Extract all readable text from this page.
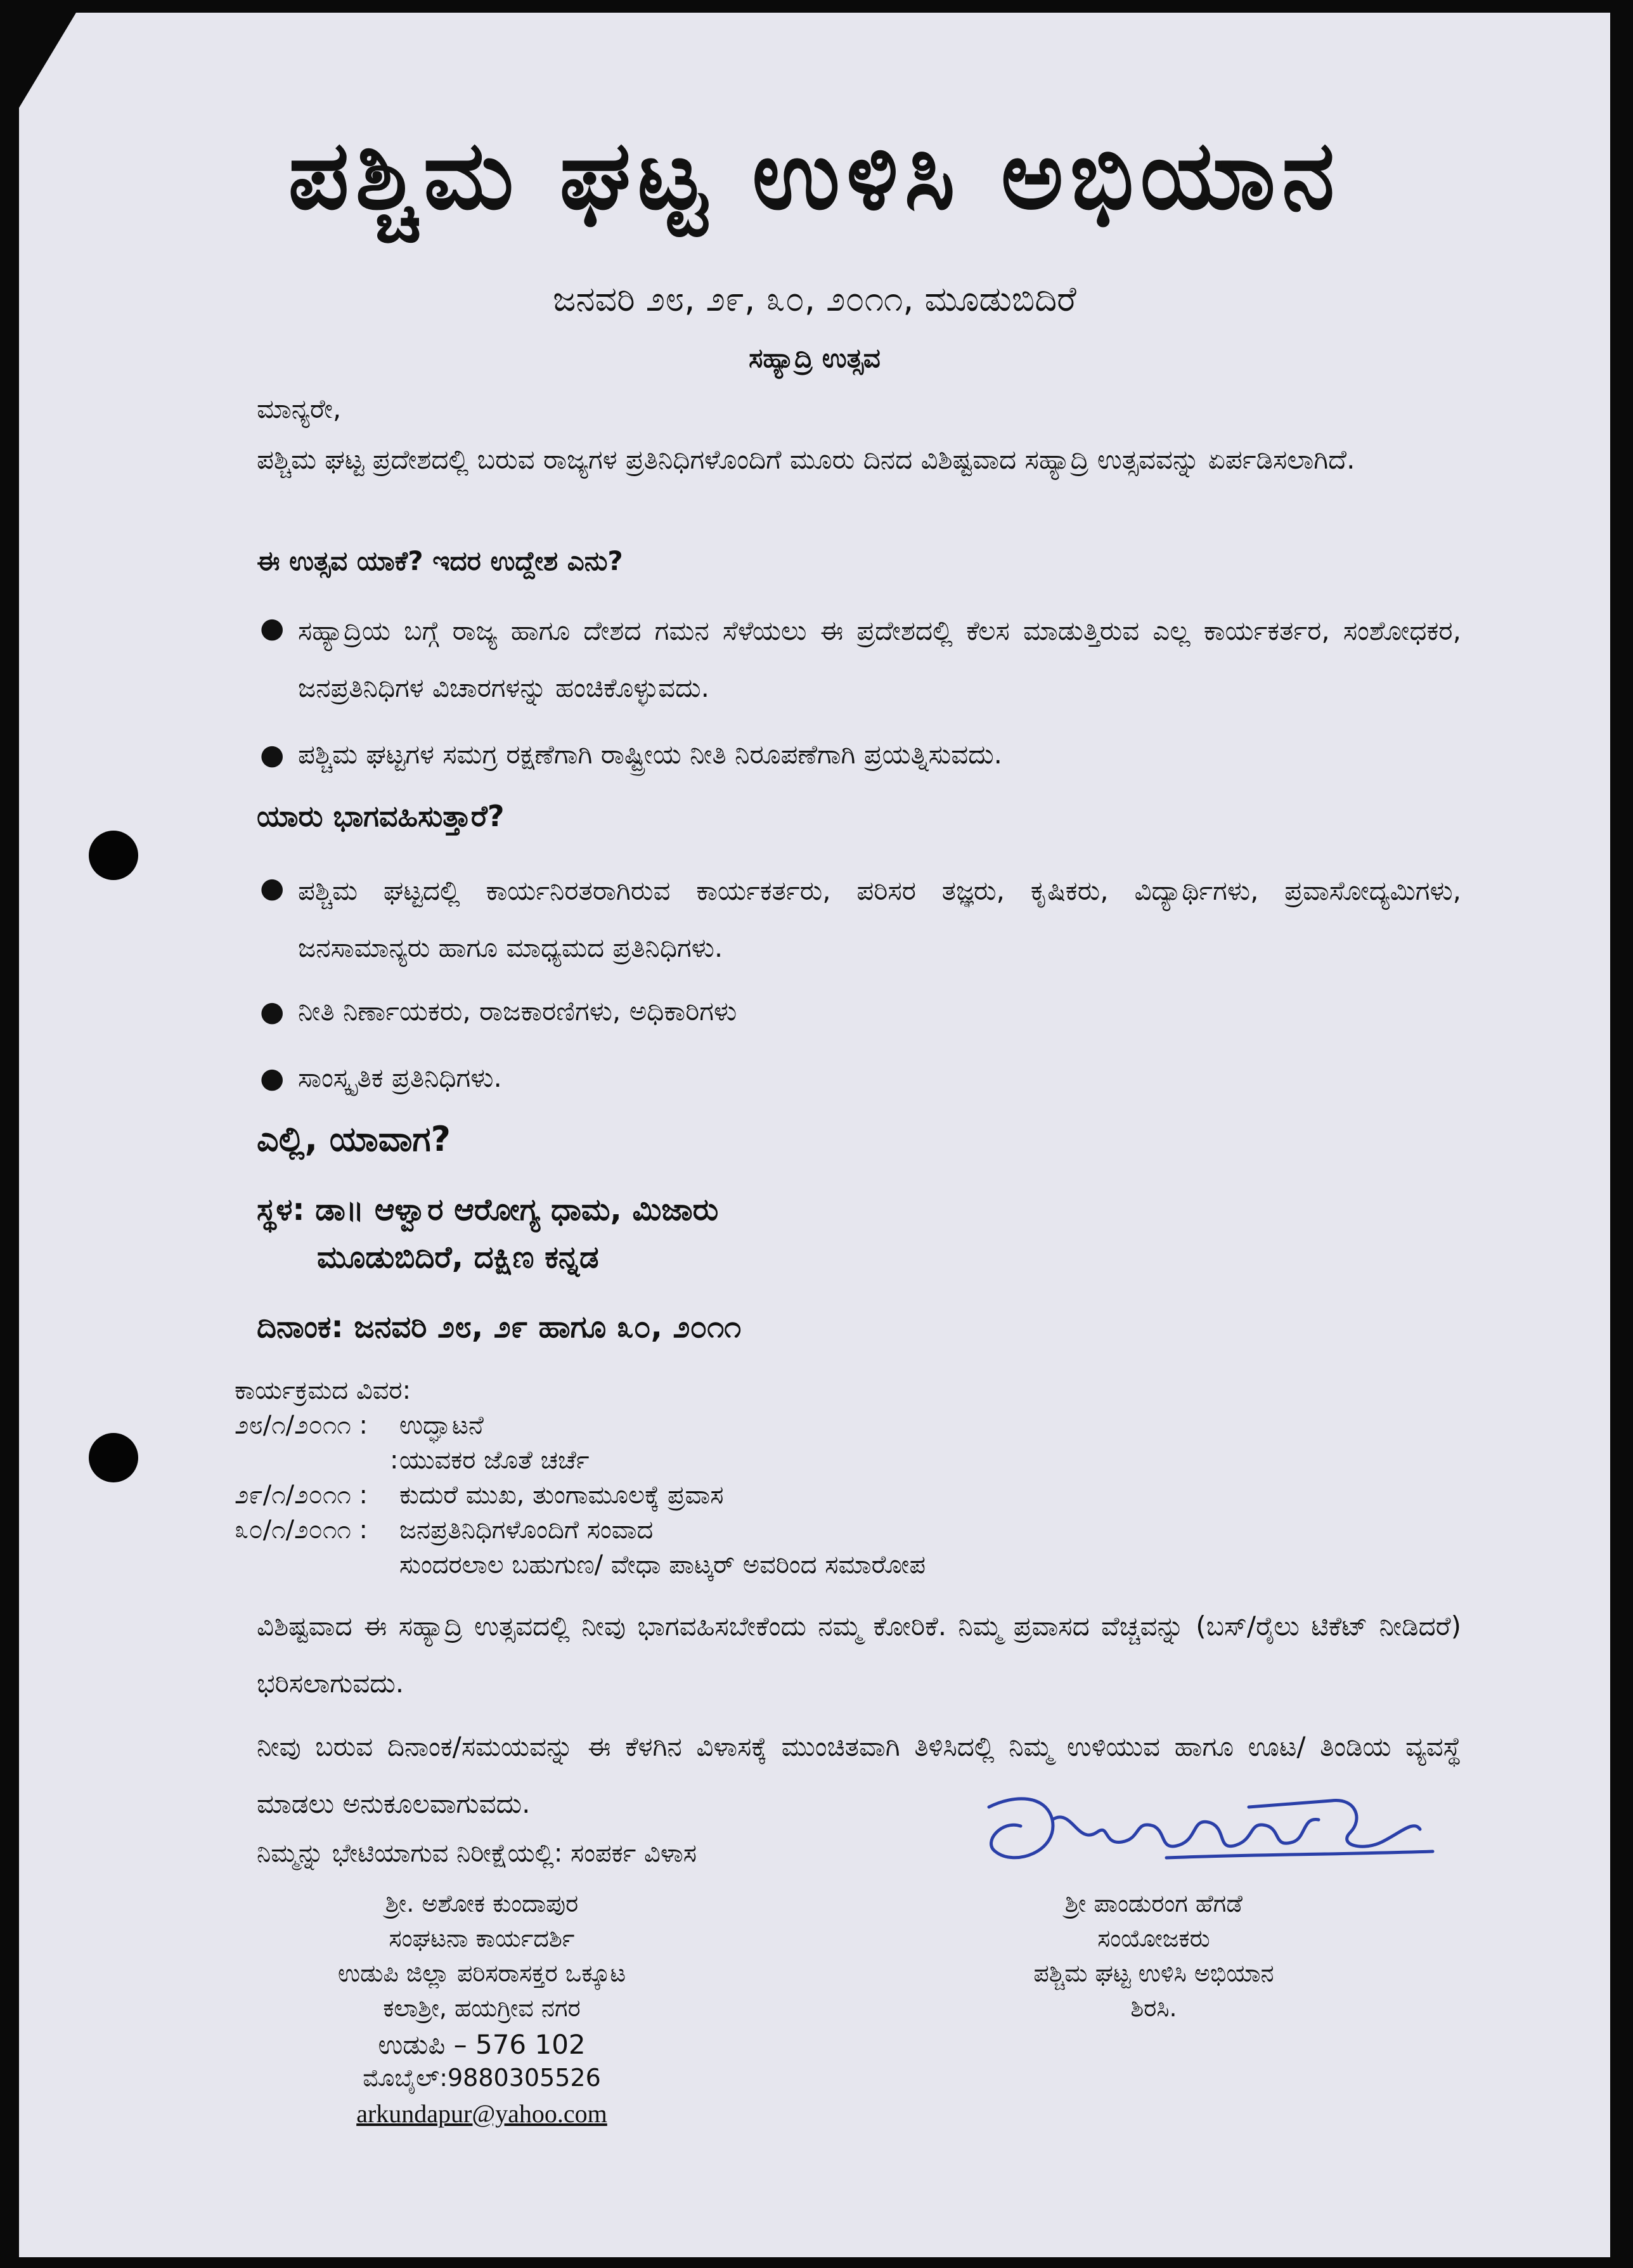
ಪಶ್ಚಿಮ ಘಟ್ಟ ಉಳಿಸಿ ಅಭಿಯಾನ
ಜನವರಿ ೨೮, ೨೯, ೩೦, ೨೦೧೧, ಮೂಡುಬಿದಿರೆ
ಸಹ್ಯಾದ್ರಿ ಉತ್ಸವ
ಮಾನ್ಯರೇ,
ಪಶ್ಚಿಮ ಘಟ್ಟ ಪ್ರದೇಶದಲ್ಲಿ ಬರುವ ರಾಜ್ಯಗಳ ಪ್ರತಿನಿಧಿಗಳೊಂದಿಗೆ ಮೂರು ದಿನದ ವಿಶಿಷ್ಟವಾದ ಸಹ್ಯಾದ್ರಿ ಉತ್ಸವವನ್ನು ಏರ್ಪಡಿಸಲಾಗಿದೆ.
ಈ ಉತ್ಸವ ಯಾಕೆ? ಇದರ ಉದ್ದೇಶ ಎನು?
● ಸಹ್ಯಾದ್ರಿಯ ಬಗ್ಗೆ ರಾಜ್ಯ ಹಾಗೂ ದೇಶದ ಗಮನ ಸೆಳೆಯಲು ಈ ಪ್ರದೇಶದಲ್ಲಿ ಕೆಲಸ ಮಾಡುತ್ತಿರುವ ಎಲ್ಲ ಕಾರ್ಯಕರ್ತರ, ಸಂಶೋಧಕರ, ಜನಪ್ರತಿನಿಧಿಗಳ ವಿಚಾರಗಳನ್ನು ಹಂಚಿಕೊಳ್ಳುವದು.
● ಪಶ್ಚಿಮ ಘಟ್ಟಗಳ ಸಮಗ್ರ ರಕ್ಷಣೆಗಾಗಿ ರಾಷ್ಟ್ರೀಯ ನೀತಿ ನಿರೂಪಣೆಗಾಗಿ ಪ್ರಯತ್ನಿಸುವದು.
ಯಾರು ಭಾಗವಹಿಸುತ್ತಾರೆ?
● ಪಶ್ಚಿಮ ಘಟ್ಟದಲ್ಲಿ ಕಾರ್ಯನಿರತರಾಗಿರುವ ಕಾರ್ಯಕರ್ತರು, ಪರಿಸರ ತಜ್ಞರು, ಕೃಷಿಕರು, ವಿದ್ಯಾರ್ಥಿಗಳು, ಪ್ರವಾಸೋದ್ಯಮಿಗಳು, ಜನಸಾಮಾನ್ಯರು ಹಾಗೂ ಮಾಧ್ಯಮದ ಪ್ರತಿನಿಧಿಗಳು.
● ನೀತಿ ನಿರ್ಣಾಯಕರು, ರಾಜಕಾರಣಿಗಳು, ಅಧಿಕಾರಿಗಳು
● ಸಾಂಸ್ಕೃತಿಕ ಪ್ರತಿನಿಧಿಗಳು.
ಎಲ್ಲಿ, ಯಾವಾಗ?
ಸ್ಥಳ: ಡಾ॥ ಆಳ್ವಾರ ಆರೋಗ್ಯ ಧಾಮ, ಮಿಜಾರು
ಮೂಡುಬಿದಿರೆ, ದಕ್ಷಿಣ ಕನ್ನಡ
ದಿನಾಂಕ: ಜನವರಿ ೨೮, ೨೯ ಹಾಗೂ ೩೦, ೨೦೧೧
ಕಾರ್ಯಕ್ರಮದ ವಿವರ:
೨೮/೧/೨೦೧೧ : ಉದ್ಘಾಟನೆ
: ಯುವಕರ ಜೊತೆ ಚರ್ಚೆ
೨೯/೧/೨೦೧೧ : ಕುದುರೆ ಮುಖ, ತುಂಗಾಮೂಲಕ್ಕೆ ಪ್ರವಾಸ
೩೦/೧/೨೦೧೧ : ಜನಪ್ರತಿನಿಧಿಗಳೊಂದಿಗೆ ಸಂವಾದ
ಸುಂದರಲಾಲ ಬಹುಗುಣ/ ವೇಧಾ ಪಾಟ್ಕರ್ ಅವರಿಂದ ಸಮಾರೋಪ
ವಿಶಿಷ್ಟವಾದ ಈ ಸಹ್ಯಾದ್ರಿ ಉತ್ಸವದಲ್ಲಿ ನೀವು ಭಾಗವಹಿಸಬೇಕೆಂದು ನಮ್ಮ ಕೋರಿಕೆ. ನಿಮ್ಮ ಪ್ರವಾಸದ ವೆಚ್ಚವನ್ನು (ಬಸ್/ರೈಲು ಟಿಕೆಟ್ ನೀಡಿದರೆ) ಭರಿಸಲಾಗುವದು.
ನೀವು ಬರುವ ದಿನಾಂಕ/ಸಮಯವನ್ನು ಈ ಕೆಳಗಿನ ವಿಳಾಸಕ್ಕೆ ಮುಂಚಿತವಾಗಿ ತಿಳಿಸಿದಲ್ಲಿ ನಿಮ್ಮ ಉಳಿಯುವ ಹಾಗೂ ಊಟ/ ತಿಂಡಿಯ ವ್ಯವಸ್ಥೆ ಮಾಡಲು ಅನುಕೂಲವಾಗುವದು.
ನಿಮ್ಮನ್ನು ಭೇಟಿಯಾಗುವ ನಿರೀಕ್ಷೆಯಲ್ಲಿ: ಸಂಪರ್ಕ ವಿಳಾಸ
ಶ್ರೀ. ಅಶೋಕ ಕುಂದಾಪುರ
ಸಂಘಟನಾ ಕಾರ್ಯದರ್ಶಿ
ಉಡುಪಿ ಜಿಲ್ಲಾ ಪರಿಸರಾಸಕ್ತರ ಒಕ್ಕೂಟ
ಕಲಾಶ್ರೀ, ಹಯಗ್ರೀವ ನಗರ
ಉಡುಪಿ – 576 102
ಮೊಬೈಲ್:9880305526
arkundapur@yahoo.com
ಶ್ರೀ ಪಾಂಡುರಂಗ ಹೆಗಡೆ
ಸಂಯೋಜಕರು
ಪಶ್ಚಿಮ ಘಟ್ಟ ಉಳಿಸಿ ಅಭಿಯಾನ
ಶಿರಸಿ.
